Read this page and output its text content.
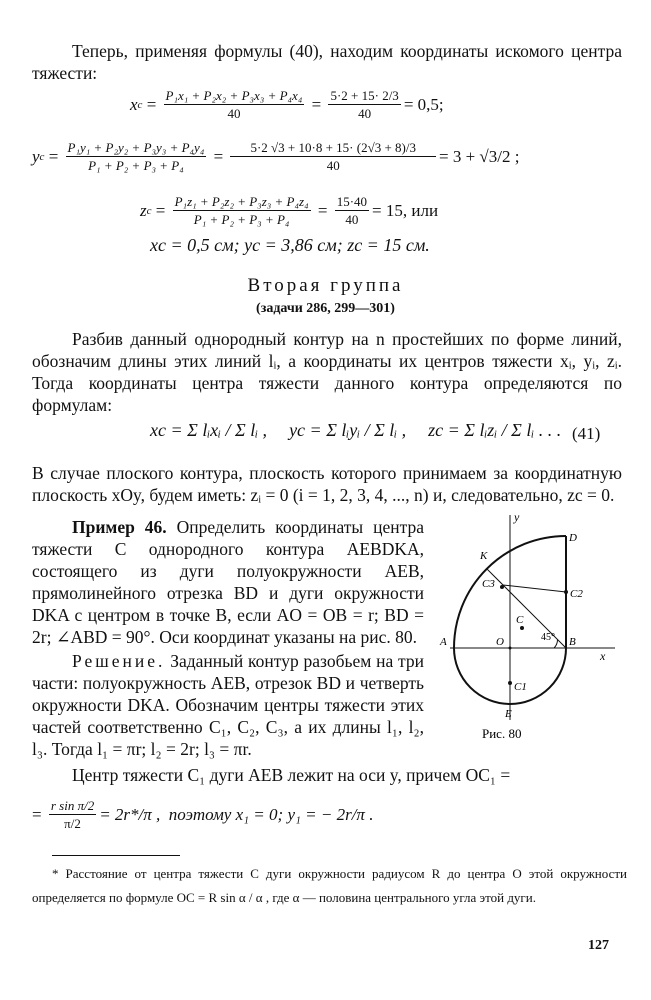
Теперь, применяя формулы (40), находим координаты искомого центра тяжести:
x $c = \frac{\text{P₁x₁ + P₂x₂ + P₃x₃ + P₄x₄}}{40} = \frac{5\cdot 2 + 15\cdot 2/3}{40} = 0,5$;
y $c = \frac{\text{P₁y₁ + P₂y₂ + P₃y₃ + P₄y₄}}{\text{P₁ + P₂ + P₃ + P₄}} = \frac{5\cdot 2 √3 + 10\cdot 8 + 15\cdot (2√3 + 8)/3}{40} = 3 + √3/2$ ;
z $c = \frac{\text{P₁z₁ + P₂z₂ + P₃z₃ + P₄z₄}}{\text{P₁ + P₂ + P₃ + P₄}} = \frac{15\cdot 40}{40} = 15$, или
xc = 0,5 см; yc = 3,86 см; zc = 15 см.
Вторая группа
(задачи 286, 299—301)
Разбив данный однородный контур на n простейших по форме линий, обозначим длины этих линий lᵢ, а координаты их центров тяжести xᵢ, yᵢ, zᵢ. Тогда координаты центра тяжести данного контура определяются по формулам:
xc = Σ lᵢxᵢ / Σ lᵢ , yc = Σ lᵢyᵢ / Σ lᵢ , zc = Σ lᵢzᵢ / Σ lᵢ . . . (41)
В случае плоского контура, плоскость которого принимаем за координатную плоскость xOy, будем иметь: zᵢ = 0 (i = 1, 2, 3, 4, ..., n) и, следовательно, zc = 0.
Пример 46. Определить координаты центра тяжести C однородного контура AEBDKA, состоящего из дуги полуокружности AEB, прямолинейного отрезка BD и дуги окружности DKA с центром в точке B, если AO = OB = r; BD = 2r; ∠ABD = 90°. Оси координат указаны на рис. 80.
Решение. Заданный контур разобьем на три части: полуокружность AEB, отрезок BD и четверть окружности DKA. Обозначим центры тяжести этих частей соответственно C₁, C₂, C₃, а их длины l₁, l₂, l₃. Тогда l₁ = πr; l₂ = 2r; l₃ = πr.
y
x
K
D
C3
C2
C
A	O	B
45°
C1
E
Рис. 80
Центр тяжести C₁ дуги AEB лежит на оси y, причем OC₁ =
= $\frac{\text{r sin π/2}}{\pi/2} = 2r*/\pi$ ,
поэтому x₁ = 0; y₁ = − 2r/π .
* Расстояние от центра тяжести C дуги окружности радиусом R до центра O этой окружности определяется по формуле OC = R sin α / α , где α — половина центрального угла этой дуги.
127
